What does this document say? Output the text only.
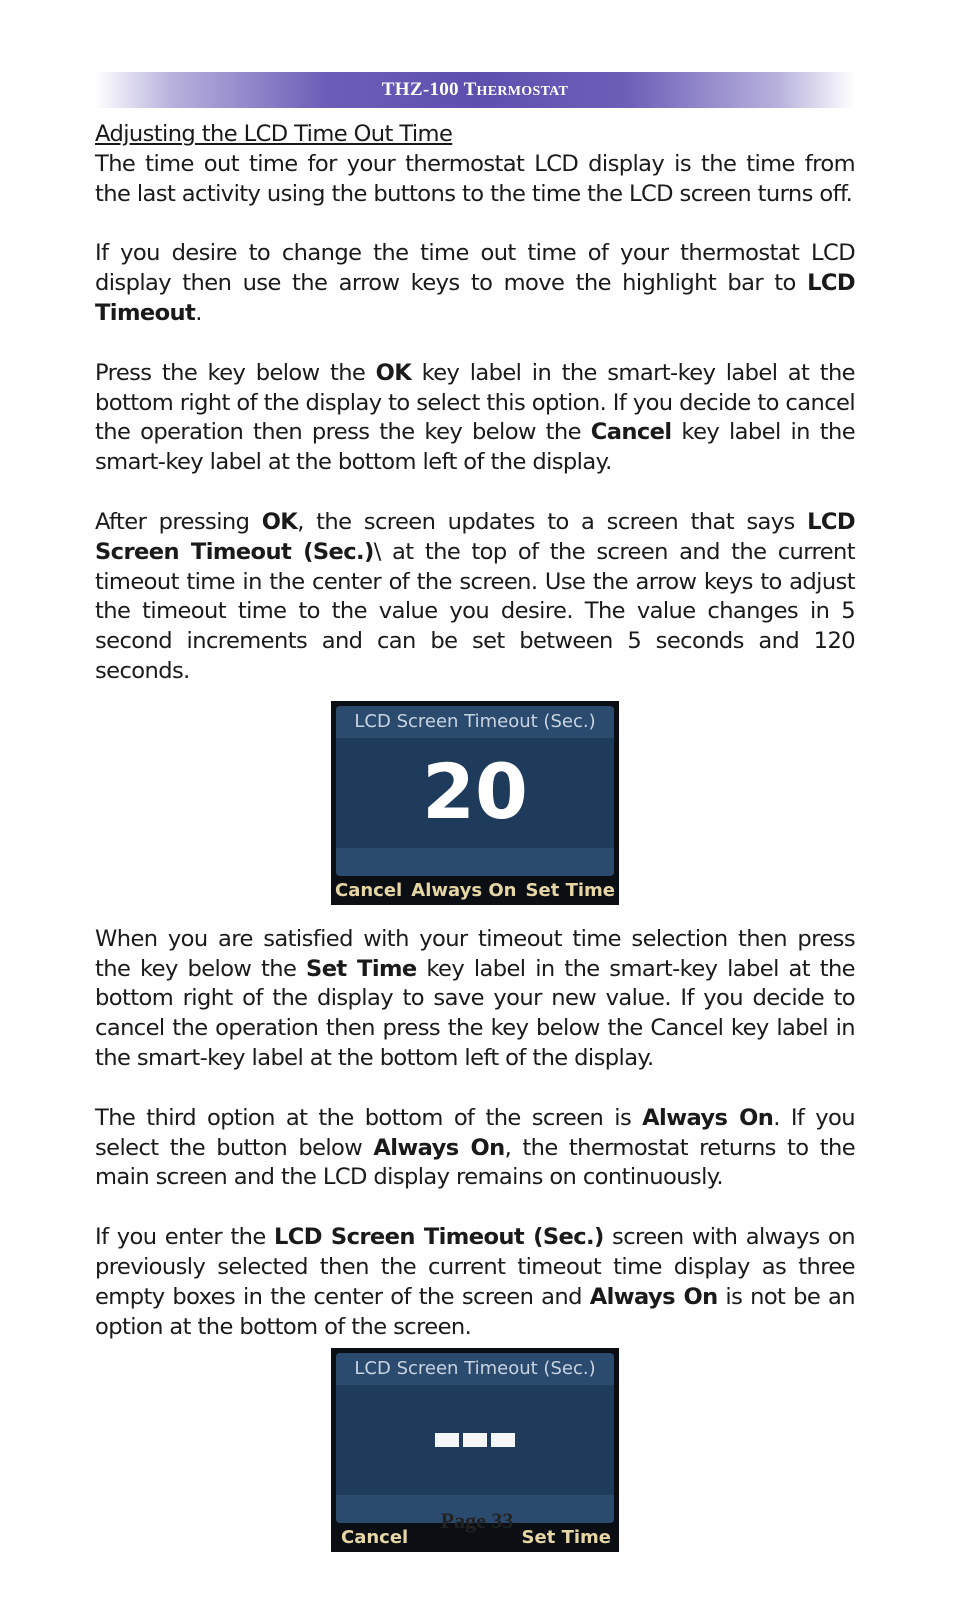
THZ-100 THERMOSTAT

Adjusting the LCD Time Out Time

The time out time for your thermostat LCD display is the time from the last activity using the buttons to the time the LCD screen turns off.

If you desire to change the time out time of your thermostat LCD display then use the arrow keys to move the highlight bar to LCD Timeout.

Press the key below the OK key label in the smart-key label at the bottom right of the display to select this option. If you decide to cancel the operation then press the key below the Cancel key label in the smart-key label at the bottom left of the display.

After pressing OK, the screen updates to a screen that says LCD Screen Timeout (Sec.)\ at the top of the screen and the current timeout time in the center of the screen. Use the arrow keys to adjust the timeout time to the value you desire. The value changes in 5 second increments and can be set between 5 seconds and 120 seconds.

LCD Screen Timeout (Sec.)
20
Cancel Always On Set Time

When you are satisfied with your timeout time selection then press the key below the Set Time key label in the smart-key label at the bottom right of the display to save your new value. If you decide to cancel the operation then press the key below the Cancel key label in the smart-key label at the bottom left of the display.

The third option at the bottom of the screen is Always On. If you select the button below Always On, the thermostat returns to the main screen and the LCD display remains on continuously.

If you enter the LCD Screen Timeout (Sec.) screen with always on previously selected then the current timeout time display as three empty boxes in the center of the screen and Always On is not be an option at the bottom of the screen.

LCD Screen Timeout (Sec.)
Cancel	Set Time
Page 33
